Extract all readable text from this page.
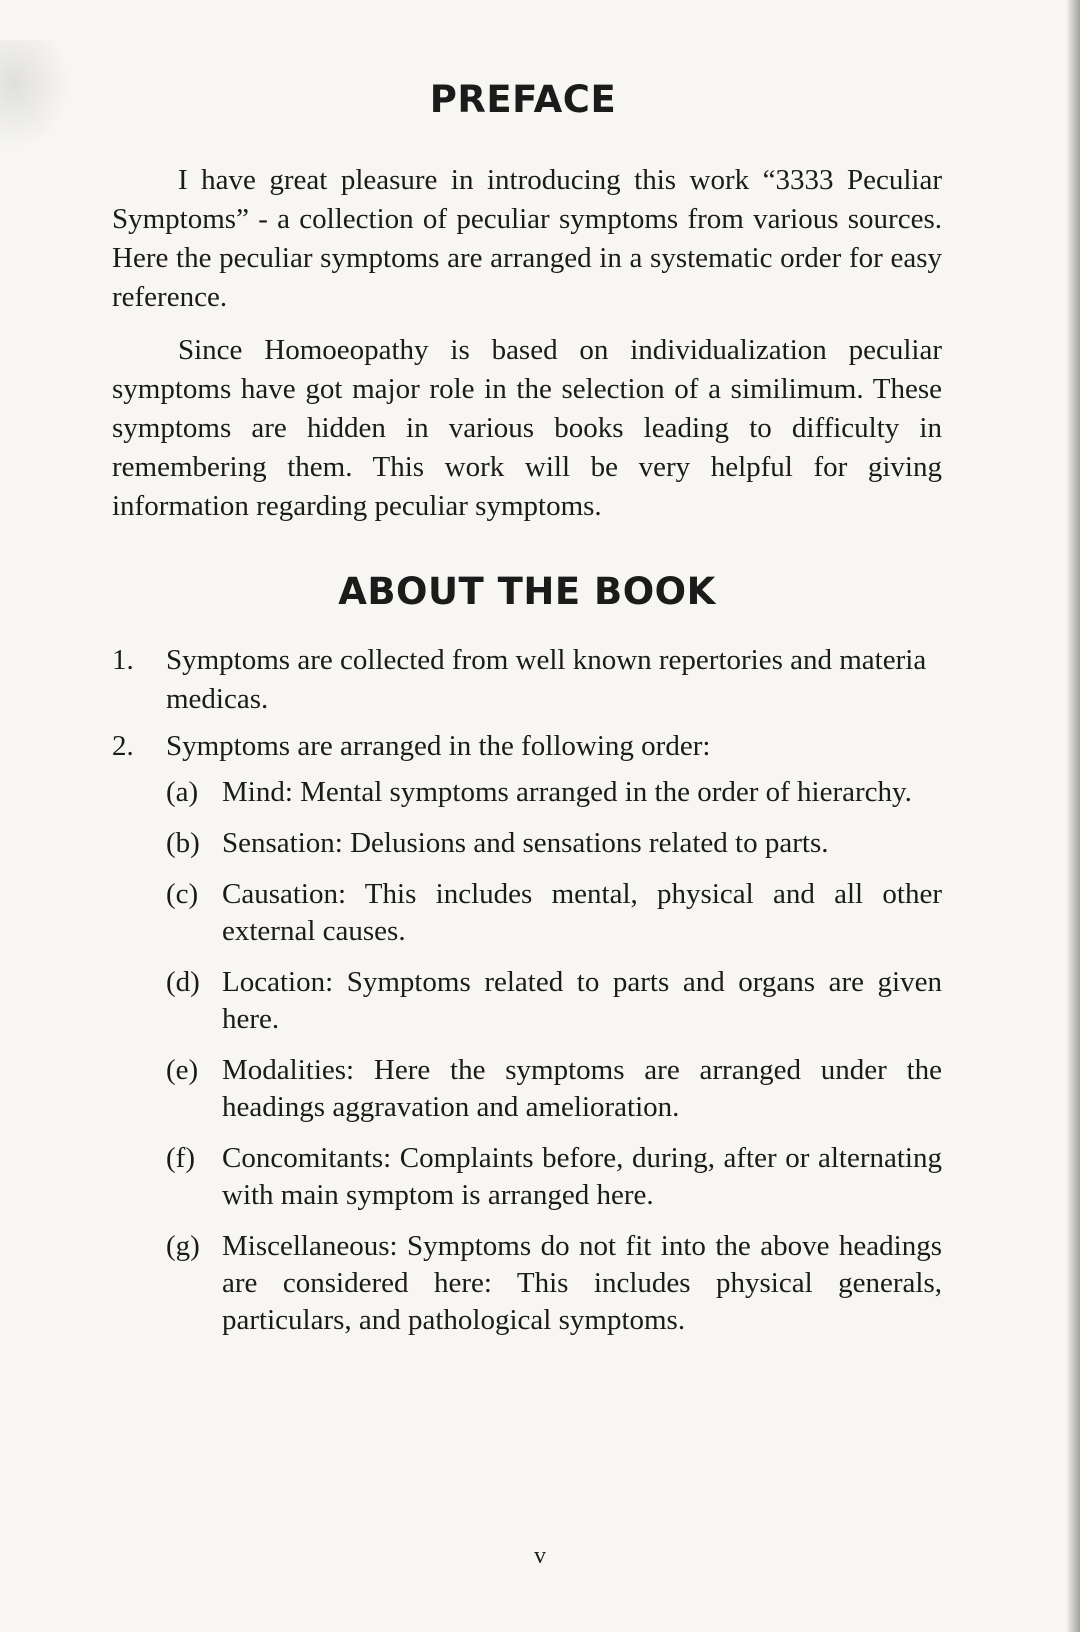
PREFACE

I have great pleasure in introducing this work “3333 Peculiar Symptoms” - a collection of peculiar symptoms from various sources. Here the peculiar symptoms are arranged in a systematic order for easy reference.

Since Homoeopathy is based on individualization peculiar symptoms have got major role in the selection of a similimum. These symptoms are hidden in various books leading to difficulty in remembering them. This work will be very helpful for giving information regarding peculiar symptoms.

ABOUT THE BOOK
1. Symptoms are collected from well known repertories and materia medicas.
2. Symptoms are arranged in the following order:
(a) Mind: Mental symptoms arranged in the order of hierarchy.
(b) Sensation: Delusions and sensations related to parts.
(c) Causation: This includes mental, physical and all other external causes.
(d) Location: Symptoms related to parts and organs are given here.
(e) Modalities: Here the symptoms are arranged under the headings aggravation and amelioration.
(f) Concomitants: Complaints before, during, after or alternating with main symptom is arranged here.
(g) Miscellaneous: Symptoms do not fit into the above headings are considered here: This includes physical generals, particulars, and pathological symptoms.
v
